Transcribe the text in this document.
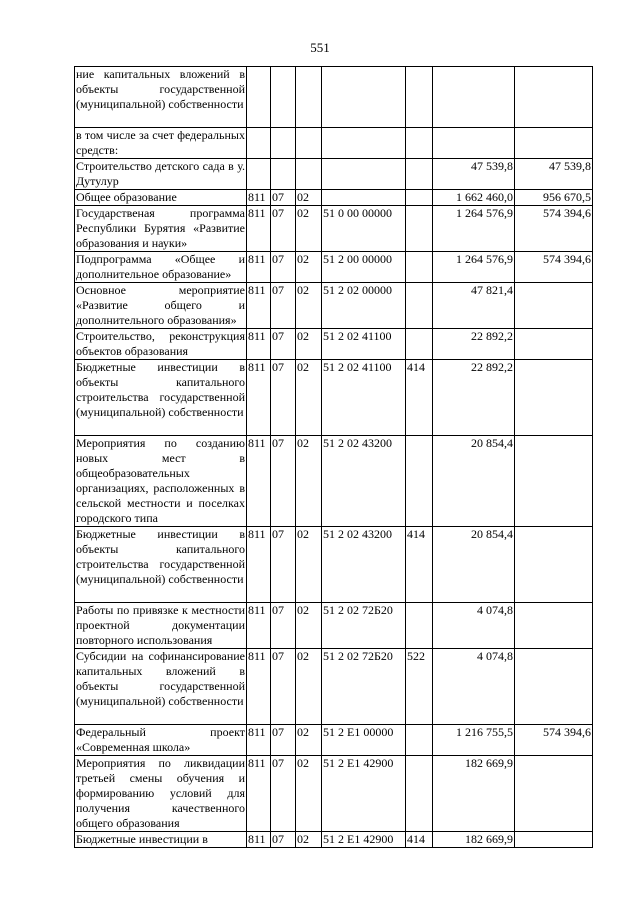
551
ние капитальных вложений в объекты государственной (муниципальной) собственности							
в том числе за счет федеральных средств:							
Строительство детского сада в у. Дутулур						47 539,8	47 539,8
Общее образование	811	07	02			1 662 460,0	956 670,5
Государственая программа Республики Бурятия «Развитие образования и науки»	811	07	02	51 0 00 00000		1 264 576,9	574 394,6
Подпрограмма «Общее и дополнительное образование»	811	07	02	51 2 00 00000		1 264 576,9	574 394,6
Основное мероприятие «Развитие общего и дополнительного образования»	811	07	02	51 2 02 00000		47 821,4	
Строительство, реконструкция объектов образования	811	07	02	51 2 02 41100		22 892,2	
Бюджетные инвестиции в объекты капитального строительства государственной (муниципальной) собственности	811	07	02	51 2 02 41100	414	22 892,2	
Мероприятия по созданию новых мест в общеобразовательных организациях, расположенных в сельской местности и поселках городского типа	811	07	02	51 2 02 43200		20 854,4	
Бюджетные инвестиции в объекты капитального строительства государственной (муниципальной) собственности	811	07	02	51 2 02 43200	414	20 854,4	
Работы по привязке к местности проектной документации повторного использования	811	07	02	51 2 02 72Б20		4 074,8	
Субсидии на софинансирование капитальных вложений в объекты государственной (муниципальной) собственности	811	07	02	51 2 02 72Б20	522	4 074,8	
Федеральный проект «Современная школа»	811	07	02	51 2 Е1 00000		1 216 755,5	574 394,6
Мероприятия по ликвидации третьей смены обучения и формированию условий для получения качественного общего образования	811	07	02	51 2 Е1 42900		182 669,9	
Бюджетные инвестиции в	811	07	02	51 2 Е1 42900	414	182 669,9	
